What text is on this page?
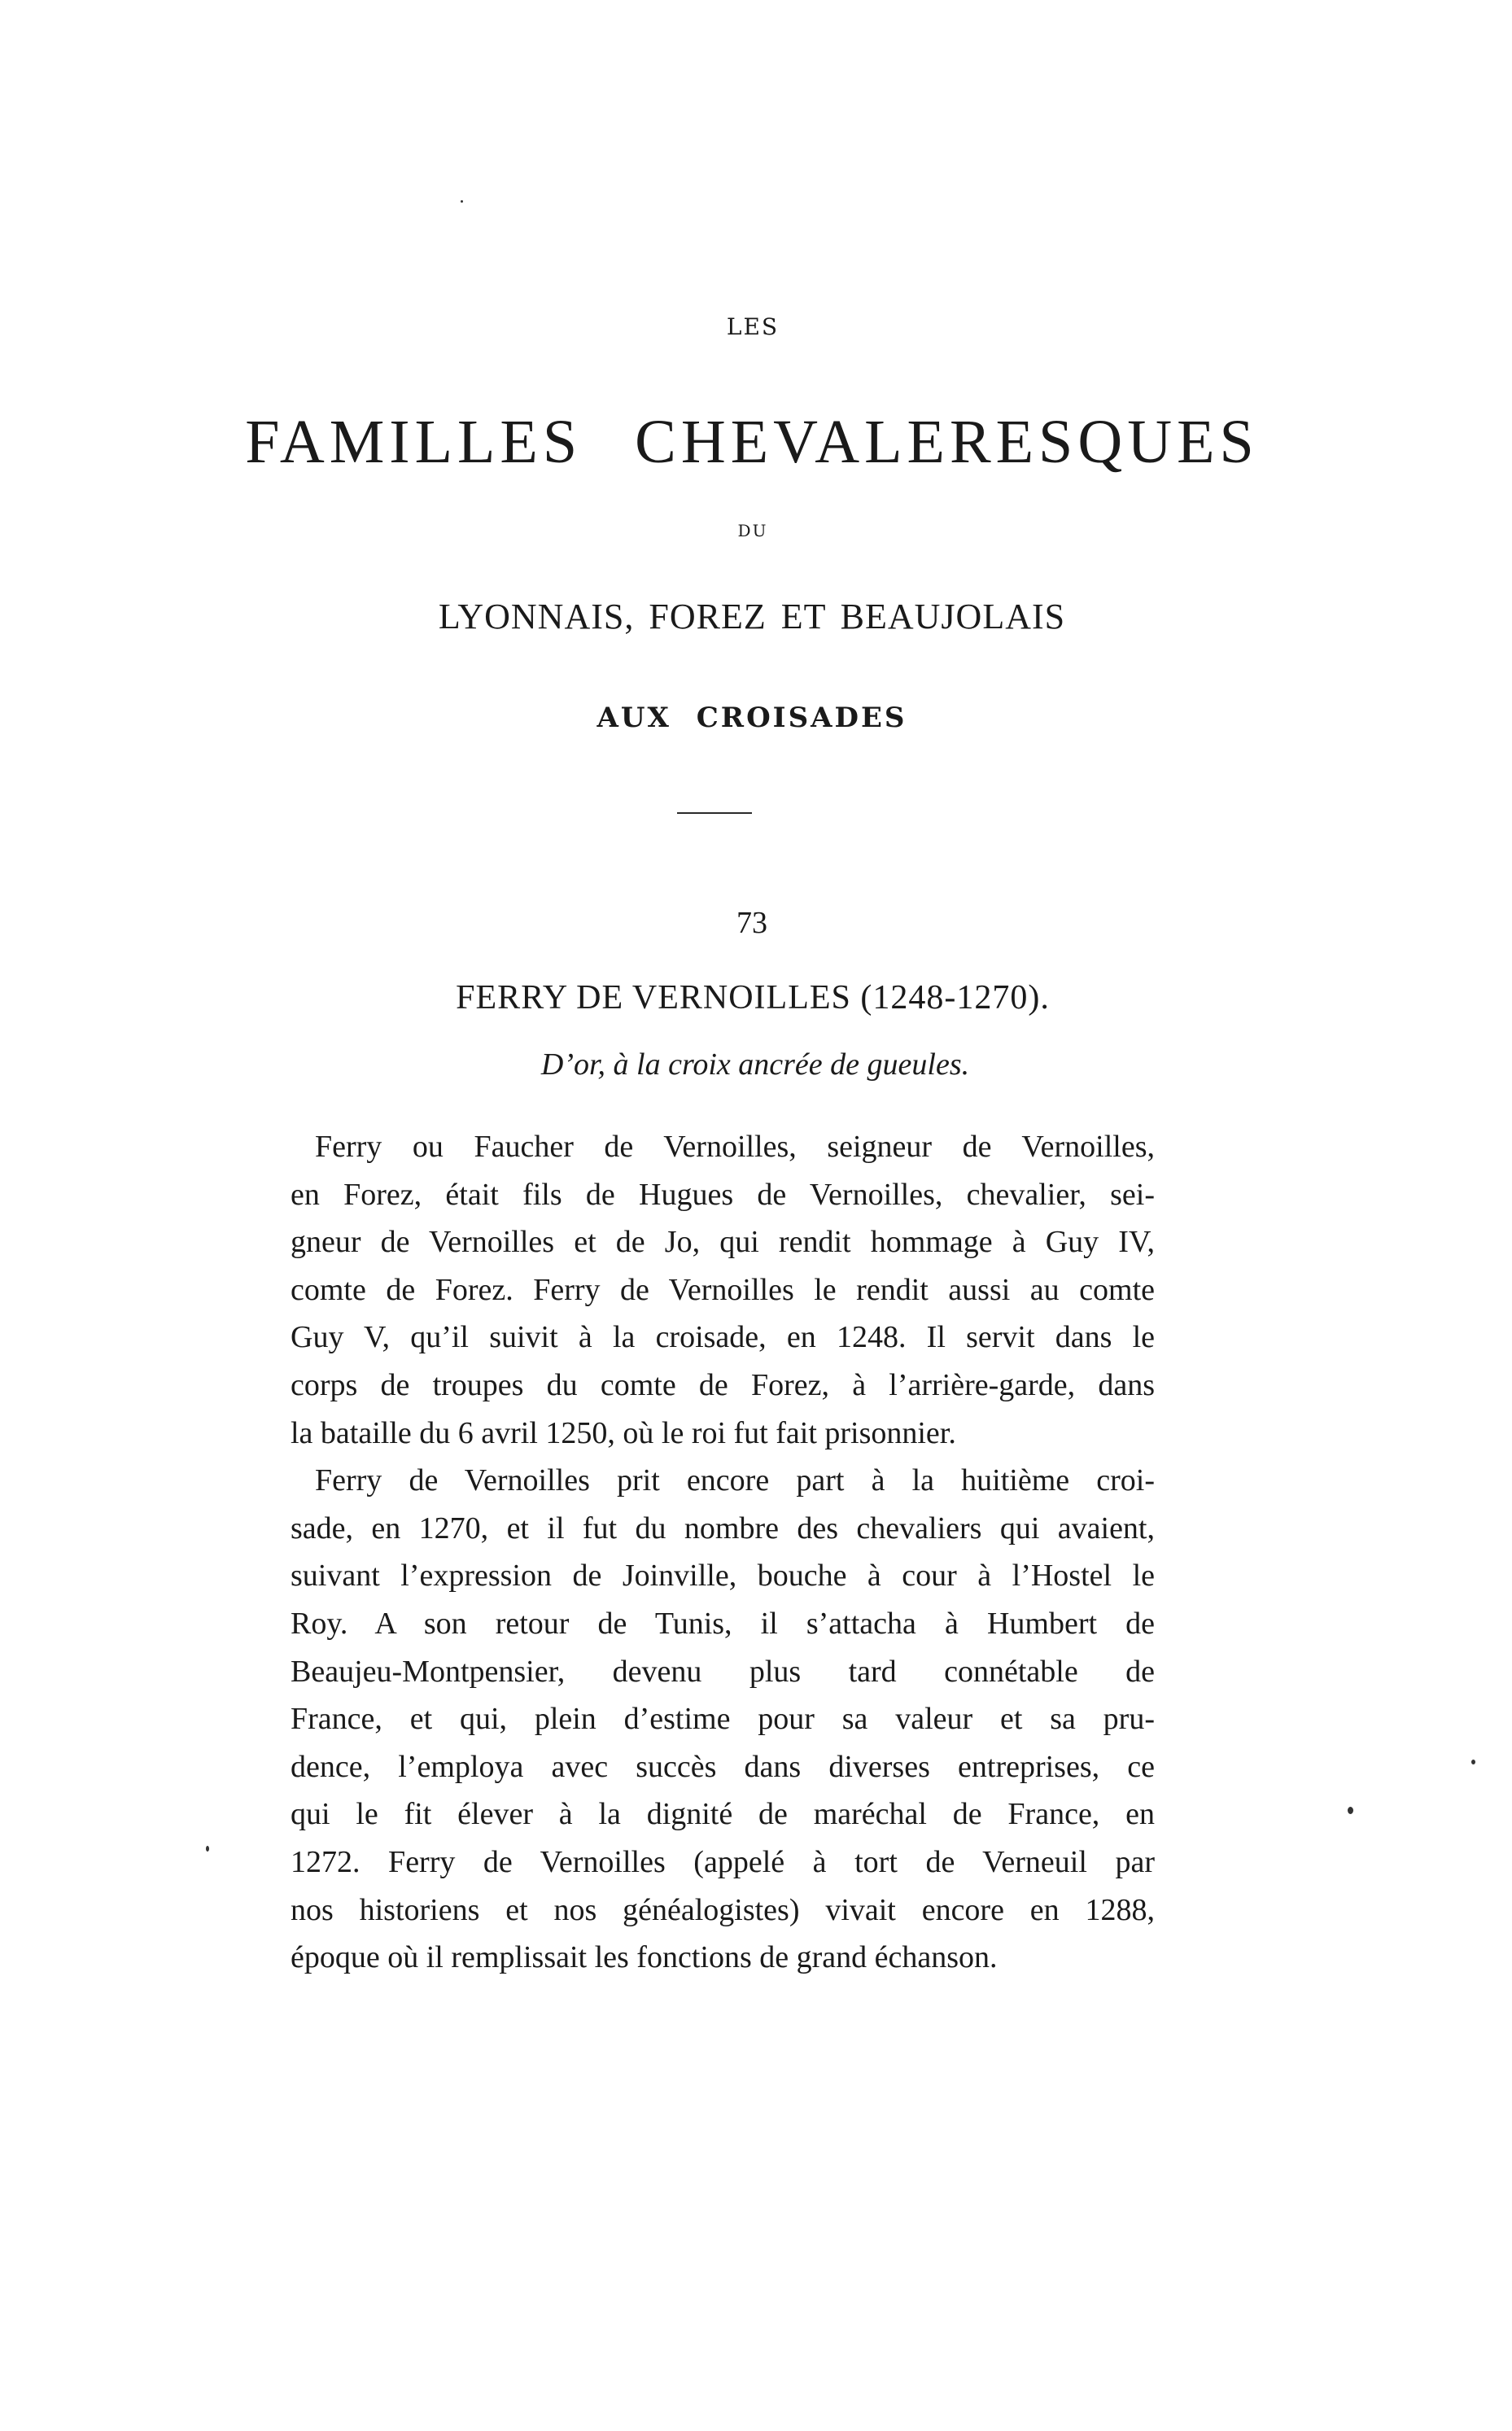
LES
FAMILLES CHEVALERESQUES
DU
LYONNAIS, FOREZ ET BEAUJOLAIS
AUX CROISADES
73
FERRY DE VERNOILLES (1248-1270).
D’or, à la croix ancrée de gueules.

Ferry ou Faucher de Vernoilles, seigneur de Vernoilles,
en Forez, était fils de Hugues de Vernoilles, chevalier, sei-
gneur de Vernoilles et de Jo, qui rendit hommage à Guy IV,
comte de Forez. Ferry de Vernoilles le rendit aussi au comte
Guy V, qu’il suivit à la croisade, en 1248. Il servit dans le
corps de troupes du comte de Forez, à l’arrière-garde, dans
la bataille du 6 avril 1250, où le roi fut fait prisonnier.

Ferry de Vernoilles prit encore part à la huitième croi-
sade, en 1270, et il fut du nombre des chevaliers qui avaient,
suivant l’expression de Joinville, bouche à cour à l’Hostel le
Roy. A son retour de Tunis, il s’attacha à Humbert de
Beaujeu-Montpensier, devenu plus tard connétable de
France, et qui, plein d’estime pour sa valeur et sa pru-
dence, l’employa avec succès dans diverses entreprises, ce
qui le fit élever à la dignité de maréchal de France, en
1272. Ferry de Vernoilles (appelé à tort de Verneuil par
nos historiens et nos généalogistes) vivait encore en 1288,
époque où il remplissait les fonctions de grand échanson.
